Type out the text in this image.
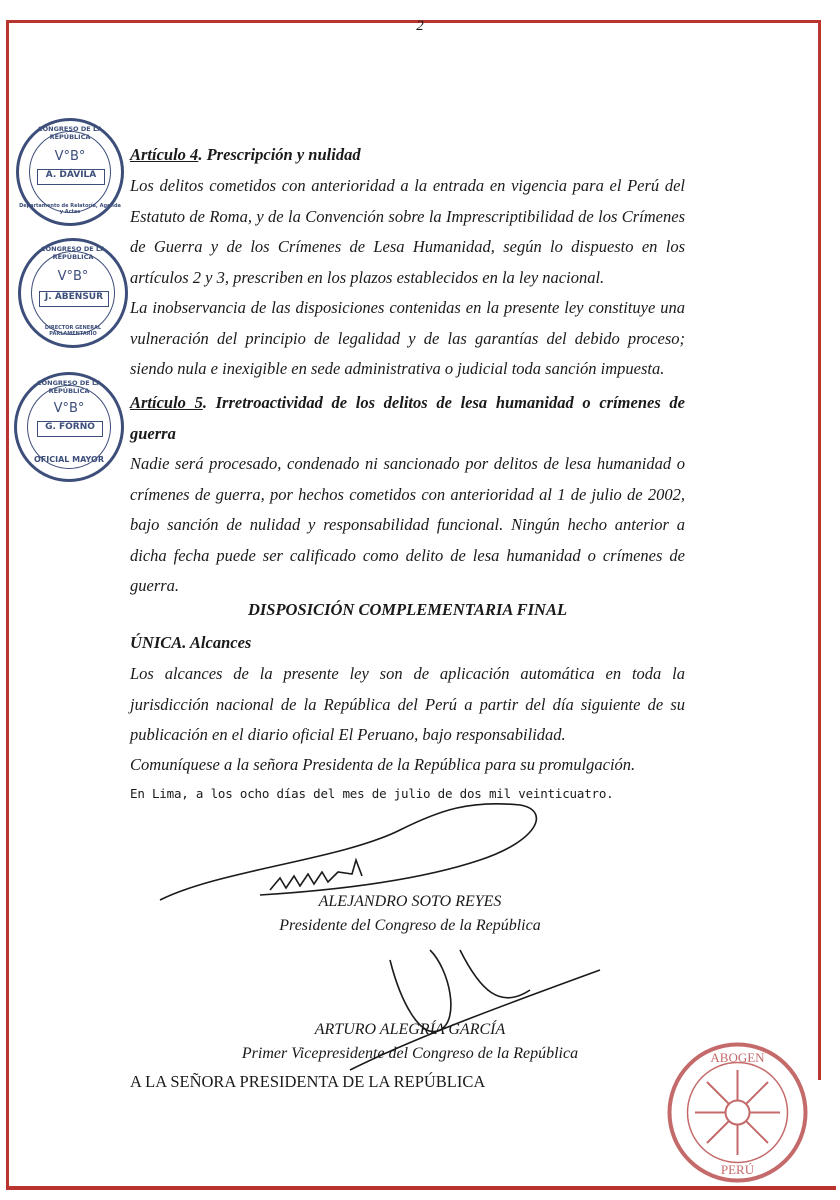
2
CONGRESO DE LA REPÚBLICA
V°B°
A. DÁVILA
Departamento de Relatoría, Agenda y Actas
CONGRESO DE LA REPÚBLICA
V°B°
J. ABENSUR
DIRECTOR GENERAL PARLAMENTARIO
CONGRESO DE LA REPÚBLICA
V°B°
G. FORNO
OFICIAL MAYOR
Artículo 4. Prescripción y nulidad
Los delitos cometidos con anterioridad a la entrada en vigencia para el Perú del Estatuto de Roma, y de la Convención sobre la Imprescriptibilidad de los Crímenes de Guerra y de los Crímenes de Lesa Humanidad, según lo dispuesto en los artículos 2 y 3, prescriben en los plazos establecidos en la ley nacional.
La inobservancia de las disposiciones contenidas en la presente ley constituye una vulneración del principio de legalidad y de las garantías del debido proceso; siendo nula e inexigible en sede administrativa o judicial toda sanción impuesta.
Artículo 5. Irretroactividad de los delitos de lesa humanidad o crímenes de guerra
Nadie será procesado, condenado ni sancionado por delitos de lesa humanidad o crímenes de guerra, por hechos cometidos con anterioridad al 1 de julio de 2002, bajo sanción de nulidad y responsabilidad funcional. Ningún hecho anterior a dicha fecha puede ser calificado como delito de lesa humanidad o crímenes de guerra.
DISPOSICIÓN COMPLEMENTARIA FINAL
ÚNICA. Alcances
Los alcances de la presente ley son de aplicación automática en toda la jurisdicción nacional de la República del Perú a partir del día siguiente de su publicación en el diario oficial El Peruano, bajo responsabilidad.
Comuníquese a la señora Presidenta de la República para su promulgación.
En Lima, a los ocho días del mes de julio de dos mil veinticuatro.
ALEJANDRO SOTO REYES
Presidente del Congreso de la República
ARTURO ALEGRÍA GARCÍA
Primer Vicepresidente del Congreso de la República
A LA SEÑORA PRESIDENTA DE LA REPÚBLICA
ABOGEN
PERÚ
